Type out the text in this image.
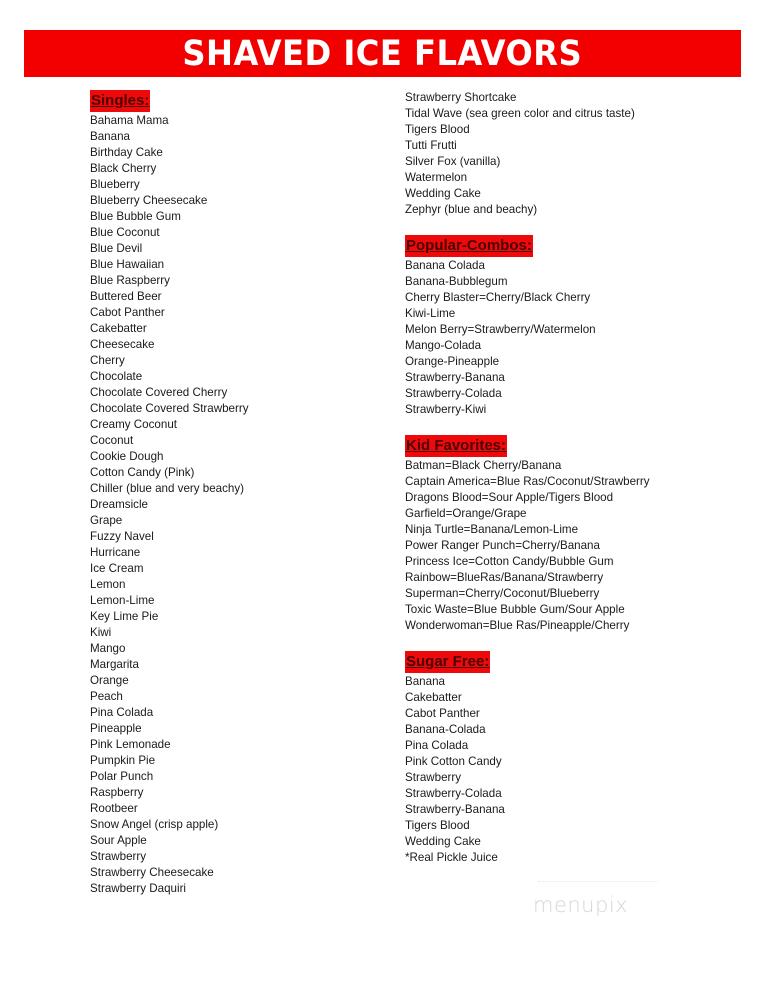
SHAVED ICE FLAVORS
Singles:
Bahama Mama
Banana
Birthday Cake
Black Cherry
Blueberry
Blueberry Cheesecake
Blue Bubble Gum
Blue Coconut
Blue Devil
Blue Hawaiian
Blue Raspberry
Buttered Beer
Cabot Panther
Cakebatter
Cheesecake
Cherry
Chocolate
Chocolate Covered Cherry
Chocolate Covered Strawberry
Creamy Coconut
Coconut
Cookie Dough
Cotton Candy (Pink)
Chiller (blue and very beachy)
Dreamsicle
Grape
Fuzzy Navel
Hurricane
Ice Cream
Lemon
Lemon-Lime
Key Lime Pie
Kiwi
Mango
Margarita
Orange
Peach
Pina Colada
Pineapple
Pink Lemonade
Pumpkin Pie
Polar Punch
Raspberry
Rootbeer
Snow Angel (crisp apple)
Sour Apple
Strawberry
Strawberry Cheesecake
Strawberry Daquiri
Strawberry Shortcake
Tidal Wave (sea green color and citrus taste)
Tigers Blood
Tutti Frutti
Silver Fox (vanilla)
Watermelon
Wedding Cake
Zephyr (blue and beachy)
Popular-Combos:
Banana Colada
Banana-Bubblegum
Cherry Blaster=Cherry/Black Cherry
Kiwi-Lime
Melon Berry=Strawberry/Watermelon
Mango-Colada
Orange-Pineapple
Strawberry-Banana
Strawberry-Colada
Strawberry-Kiwi
Kid Favorites:
Batman=Black Cherry/Banana
Captain America=Blue Ras/Coconut/Strawberry
Dragons Blood=Sour Apple/Tigers Blood
Garfield=Orange/Grape
Ninja Turtle=Banana/Lemon-Lime
Power Ranger Punch=Cherry/Banana
Princess Ice=Cotton Candy/Bubble Gum
Rainbow=BlueRas/Banana/Strawberry
Superman=Cherry/Coconut/Blueberry
Toxic Waste=Blue Bubble Gum/Sour Apple
Wonderwoman=Blue Ras/Pineapple/Cherry
Sugar Free:
Banana
Cakebatter
Cabot Panther
Banana-Colada
Pina Colada
Pink Cotton Candy
Strawberry
Strawberry-Colada
Strawberry-Banana
Tigers Blood
Wedding Cake
*Real Pickle Juice
menupix
